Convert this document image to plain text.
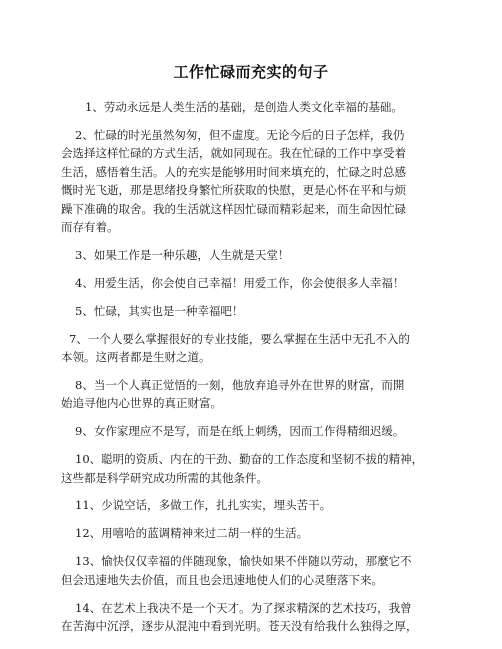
工作忙碌而充实的句子

1、劳动永远是人类生活的基础，是创造人类文化幸福的基础。

2、忙碌的时光虽然匆匆，但不虚度。无论今后的日子怎样，我仍
会选择这样忙碌的方式生活，就如同现在。我在忙碌的工作中享受着
生活，感悟着生活。人的充实是能够用时间来填充的，忙碌之时总感
慨时光飞逝，那是思绪投身繁忙所获取的快慰，更是心怀在平和与烦
躁下准确的取舍。我的生活就这样因忙碌而精彩起来，而生命因忙碌
而存有着。

3、如果工作是一种乐趣，人生就是天堂！

4、用爱生活，你会使自己幸福！用爱工作，你会使很多人幸福！

5、忙碌，其实也是一种幸福吧！

7、一个人要么掌握很好的专业技能，要么掌握在生活中无孔不入的
本领。这两者都是生财之道。

8、当一个人真正觉悟的一刻，他放弃追寻外在世界的财富，而開
始追寻他内心世界的真正财富。

9、女作家理应不是写，而是在纸上刺绣，因而工作得精细迟缓。

10、聪明的资质、内在的干劲、勤奋的工作态度和坚韧不拔的精神，
这些都是科学研究成功所需的其他条件。

11、少说空话，多做工作，扎扎实实，埋头苦干。

12、用嘻哈的蓝调精神来过二胡一样的生活。

13、愉快仅仅幸福的伴随现象，愉快如果不伴随以劳动，那麼它不
但会迅速地失去价值，而且也会迅速地使人们的心灵堕落下来。

14、在艺术上我决不是一个天才。为了探求精深的艺术技巧，我曾
在苦海中沉浮，逐步从混沌中看到光明。苍天没有给我什么独得之厚，
